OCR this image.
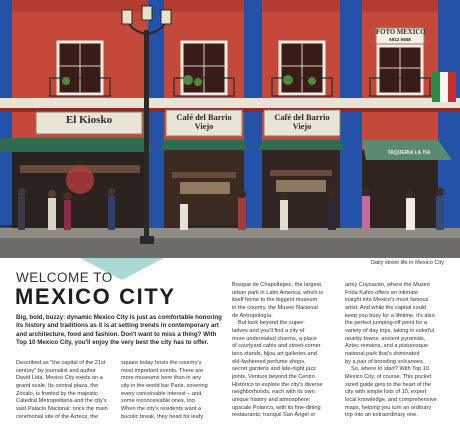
El Kiosko	Café del Barrio Viejo
Café del Barrio Viejo
FOTO MEXICO
5512 6658
TAQUERIA LA TIA
Daily street life in Mexico City
WELCOME TO
MEXICO CITY
Big, bold, buzzy: dynamic Mexico City is just as comfortable honoring
its history and traditions as it is at setting trends in contemporary art
and architecture, food and fashion. Don't want to miss a thing? With
Top 10 Mexico City, you'll enjoy the very best the city has to offer.
Described as "the capital of the 21st
century" by journalist and author
David Lida, Mexico City exists on a
grand scale. Its central plaza, the
Zócalo, is fronted by the majestic
Catedral Metropolitana and the city's
vast Palacio Nacional: once the main
ceremonial site of the Aztecs, the
square today hosts the country's
most important events. There are
more museums here than in any
city in the world bar Paris, covering
every conceivable interest – and
some inconceivable ones, too.
When the city's residents want a
bucolic break, they head for leafy
Bosque de Chapultepec, the largest
urban park in Latin America, which is
itself home to the biggest museum
in the country, the Museo Nacional
de Antropología.
But look beyond the super-
latives and you'll find a city of
more understated charms, a place
of courtyard cafés and street-corner
taco stands, bijou art galleries and
old-fashioned perfume shops,
secret gardens and late-night jazz
joints. Venture beyond the Centro
Histórico to explore the city's diverse
neighborhoods, each with its own
unique history and atmosphere:
upscale Polanco, with its fine-dining
restaurants; tranquil San Ángel or
artsy Coyoacán, where the Museo
Frida Kahlo offers an intimate
insight into Mexico's most famous
artist. And while the capital could
keep you busy for a lifetime, it's also
the perfect jumping-off point for a
variety of day trips, taking in colorful
nearby towns, ancient pyramids,
Aztec remains, and a picturesque
national park that's dominated
by a pair of brooding volcanoes.
So, where to start? With Top 10
Mexico City, of course. This pocket
sized guide gets to the heart of the
city with simple lists of 10, expert
local knowledge, and comprehensive
maps, helping you turn an ordinary
trip into an extraordinary one.
